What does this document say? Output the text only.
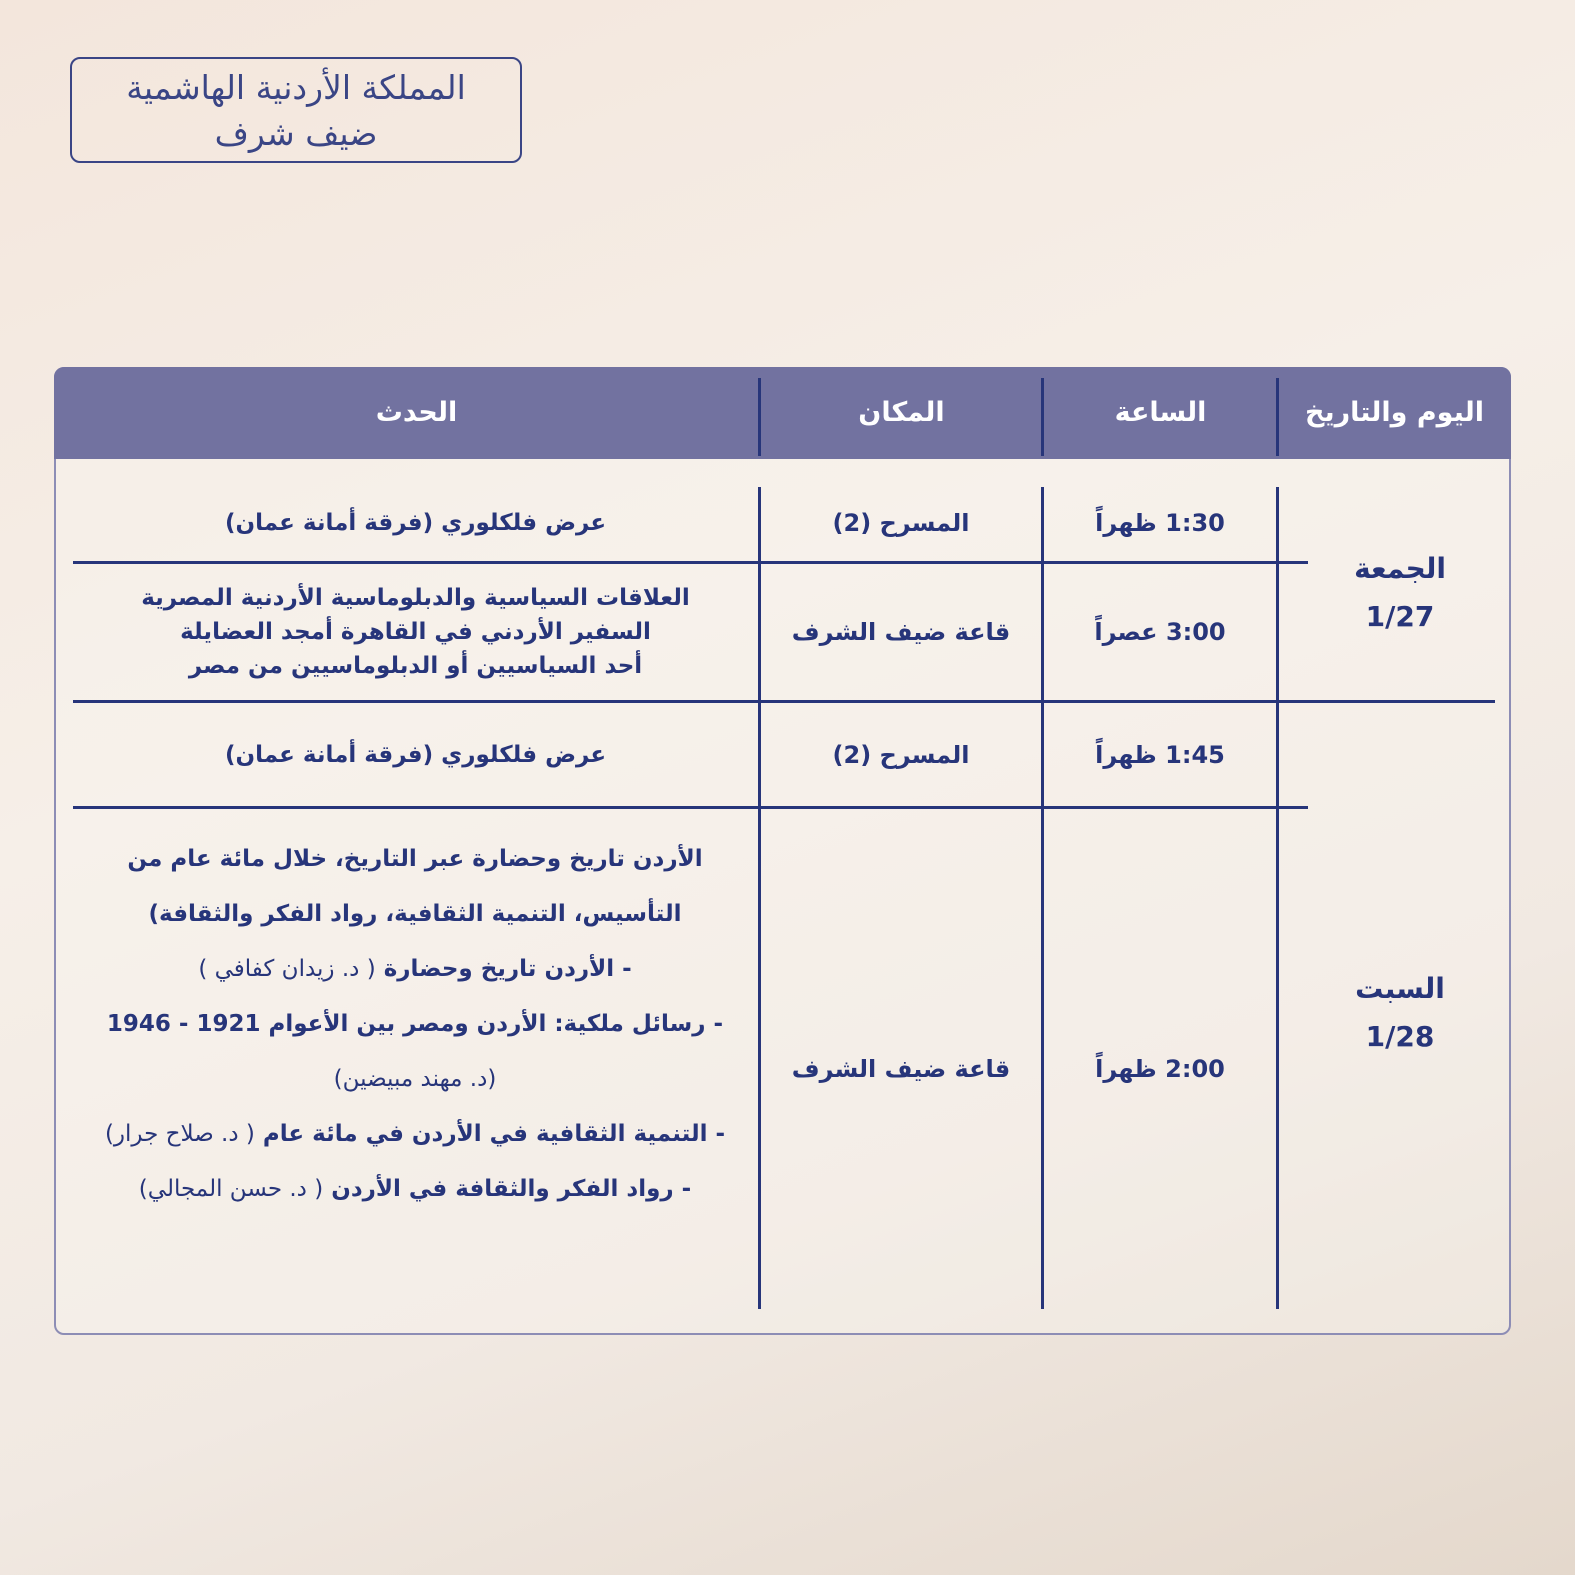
المملكة الأردنية الهاشمية
ضيف شرف
اليوم والتاريخ
الساعة
المكان
الحدث
الجمعة
1/27
السبت
1/28
1:30 ظهراً
المسرح (2)
عرض فلكلوري (فرقة أمانة عمان)
3:00 عصراً
قاعة ضيف الشرف
العلاقات السياسية والدبلوماسية الأردنية المصرية
السفير الأردني في القاهرة أمجد العضايلة
أحد السياسيين أو الدبلوماسيين من مصر
1:45 ظهراً
المسرح (2)
عرض فلكلوري (فرقة أمانة عمان)
2:00 ظهراً
قاعة ضيف الشرف
الأردن تاريخ وحضارة عبر التاريخ، خلال مائة عام من
التأسيس، التنمية الثقافية، رواد الفكر والثقافة)
- الأردن تاريخ وحضارة ( د. زيدان كفافي )
- رسائل ملكية: الأردن ومصر بين الأعوام 1921 - 1946
(د. مهند مبيضين)
- التنمية الثقافية في الأردن في مائة عام ( د. صلاح جرار)
- رواد الفكر والثقافة في الأردن ( د. حسن المجالي)
